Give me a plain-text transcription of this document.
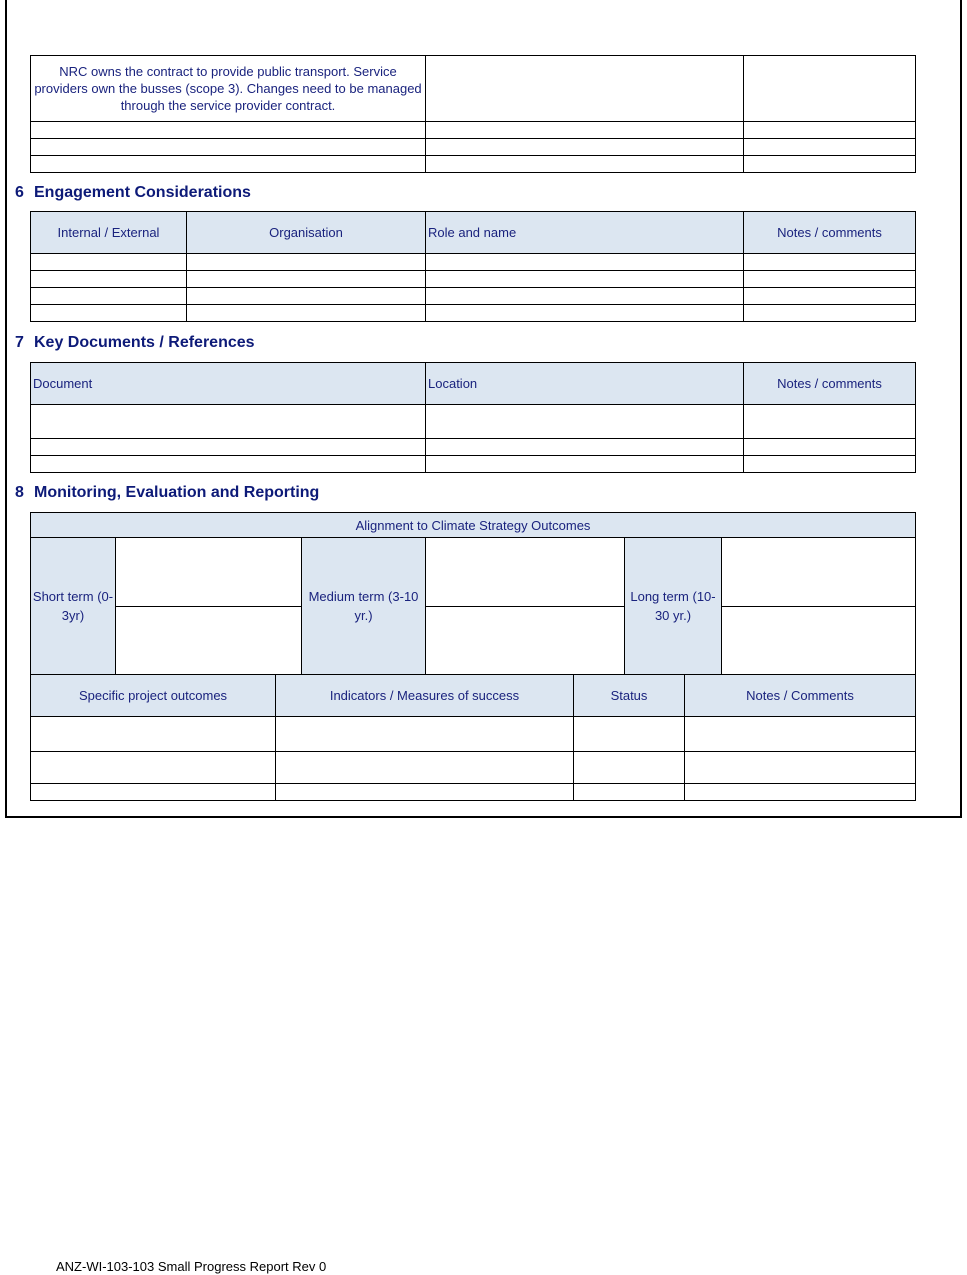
NRC owns the contract to provide public transport. Service providers own the busses (scope 3). Changes need to be managed through the service provider contract.		

6 Engagement Considerations
Internal / External	Organisation	Role and name	Notes / comments

7 Key Documents / References
Document	Location	Notes / comments

8 Monitoring, Evaluation and Reporting
Alignment to Climate Strategy Outcomes					
Short term (0-3yr)		Medium term (3-10 yr.)		Long term (10-30 yr.)	

Specific project outcomes	Indicators / Measures of success	Status	Notes / Comments

ANZ-WI-103-103 Small Progress Report Rev 0
